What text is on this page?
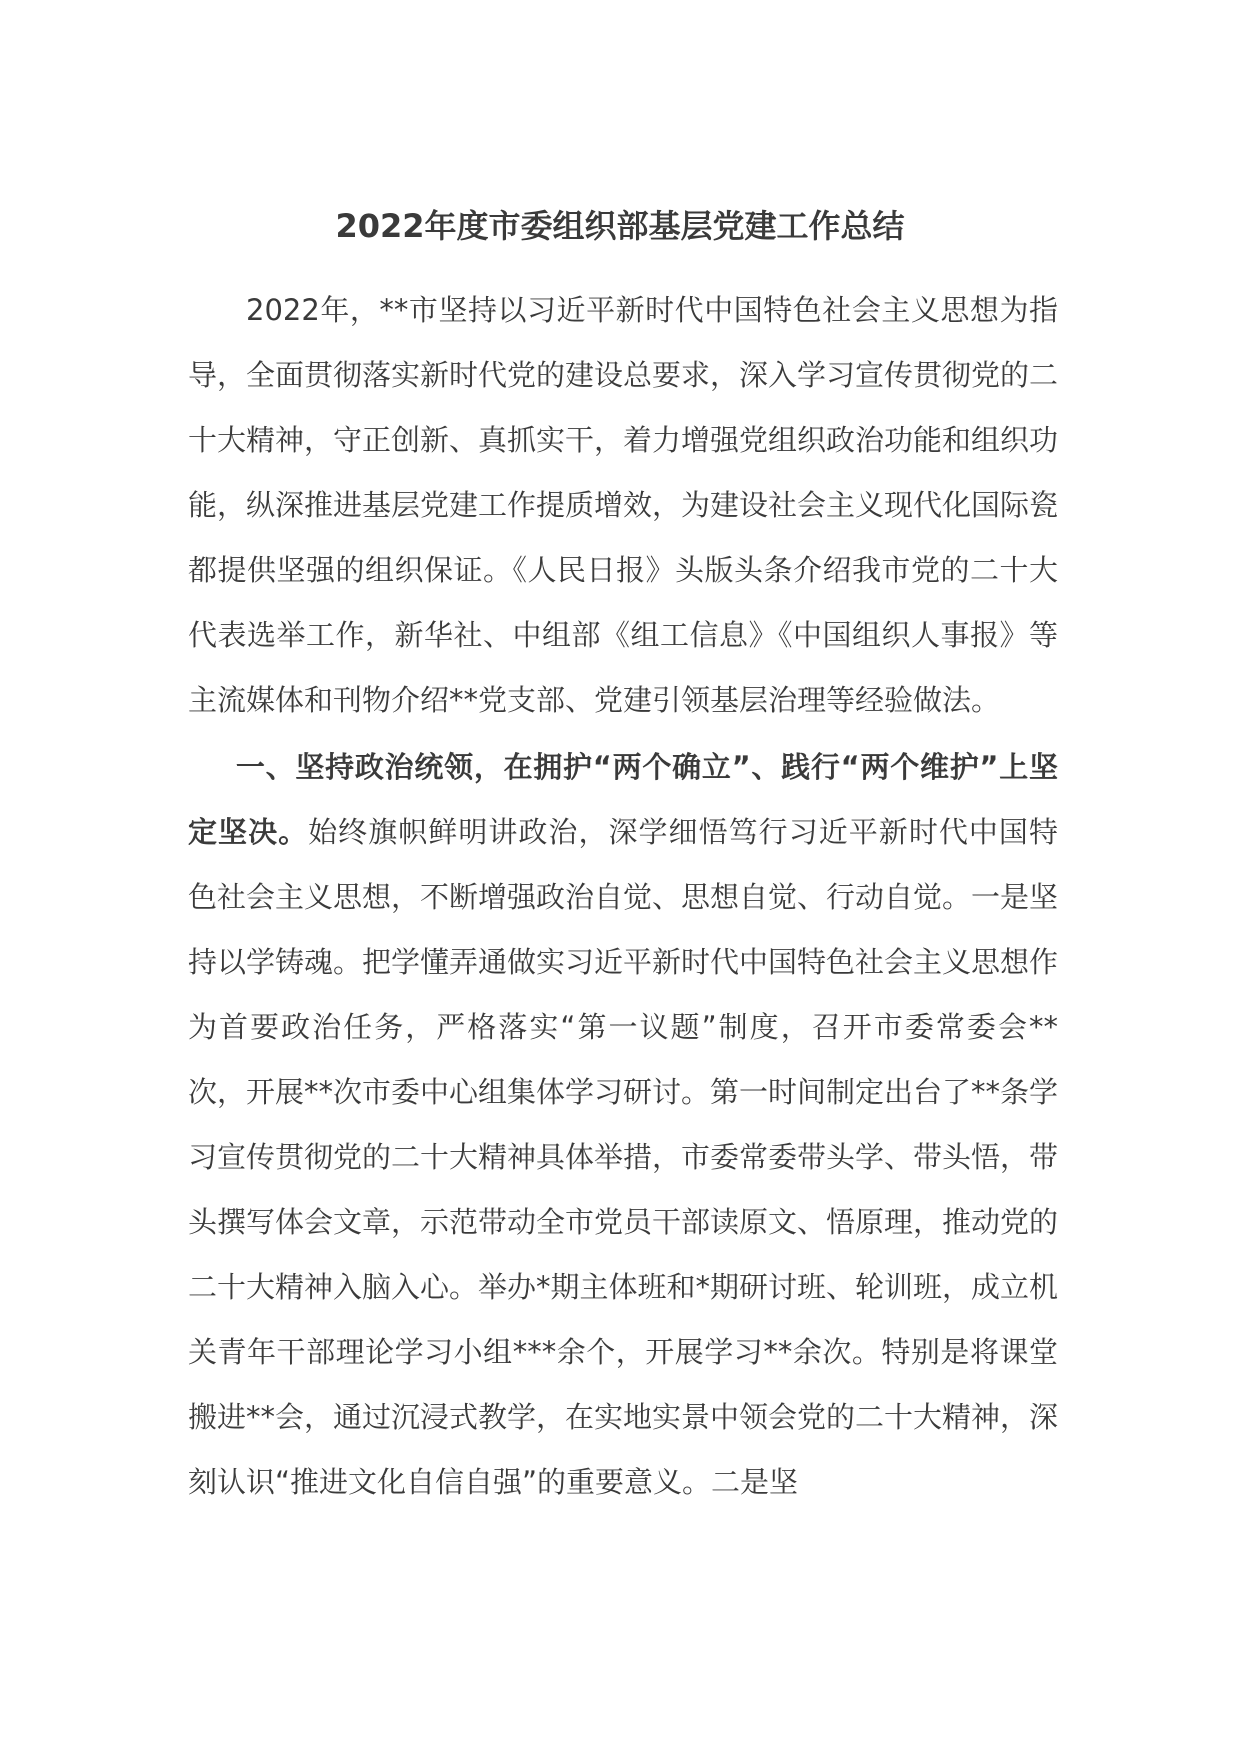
2022年度市委组织部基层党建工作总结

2022年，**市坚持以习近平新时代中国特色社会主义思想为指导，全面贯彻落实新时代党的建设总要求，深入学习宣传贯彻党的二十大精神，守正创新、真抓实干，着力增强党组织政治功能和组织功能，纵深推进基层党建工作提质增效，为建设社会主义现代化国际瓷都提供坚强的组织保证。《人民日报》头版头条介绍我市党的二十大代表选举工作，新华社、中组部《组工信息》《中国组织人事报》等主流媒体和刊物介绍**党支部、党建引领基层治理等经验做法。

一、坚持政治统领，在拥护“两个确立”、践行“两个维护”上坚定坚决。始终旗帜鲜明讲政治，深学细悟笃行习近平新时代中国特色社会主义思想，不断增强政治自觉、思想自觉、行动自觉。一是坚持以学铸魂。把学懂弄通做实习近平新时代中国特色社会主义思想作为首要政治任务，严格落实“第一议题”制度，召开市委常委会**次，开展**次市委中心组集体学习研讨。第一时间制定出台了**条学习宣传贯彻党的二十大精神具体举措，市委常委带头学、带头悟，带头撰写体会文章，示范带动全市党员干部读原文、悟原理，推动党的二十大精神入脑入心。举办*期主体班和*期研讨班、轮训班，成立机关青年干部理论学习小组***余个，开展学习**余次。特别是将课堂搬进**会，通过沉浸式教学，在实地实景中领会党的二十大精神，深刻认识“推进文化自信自强”的重要意义。二是坚
